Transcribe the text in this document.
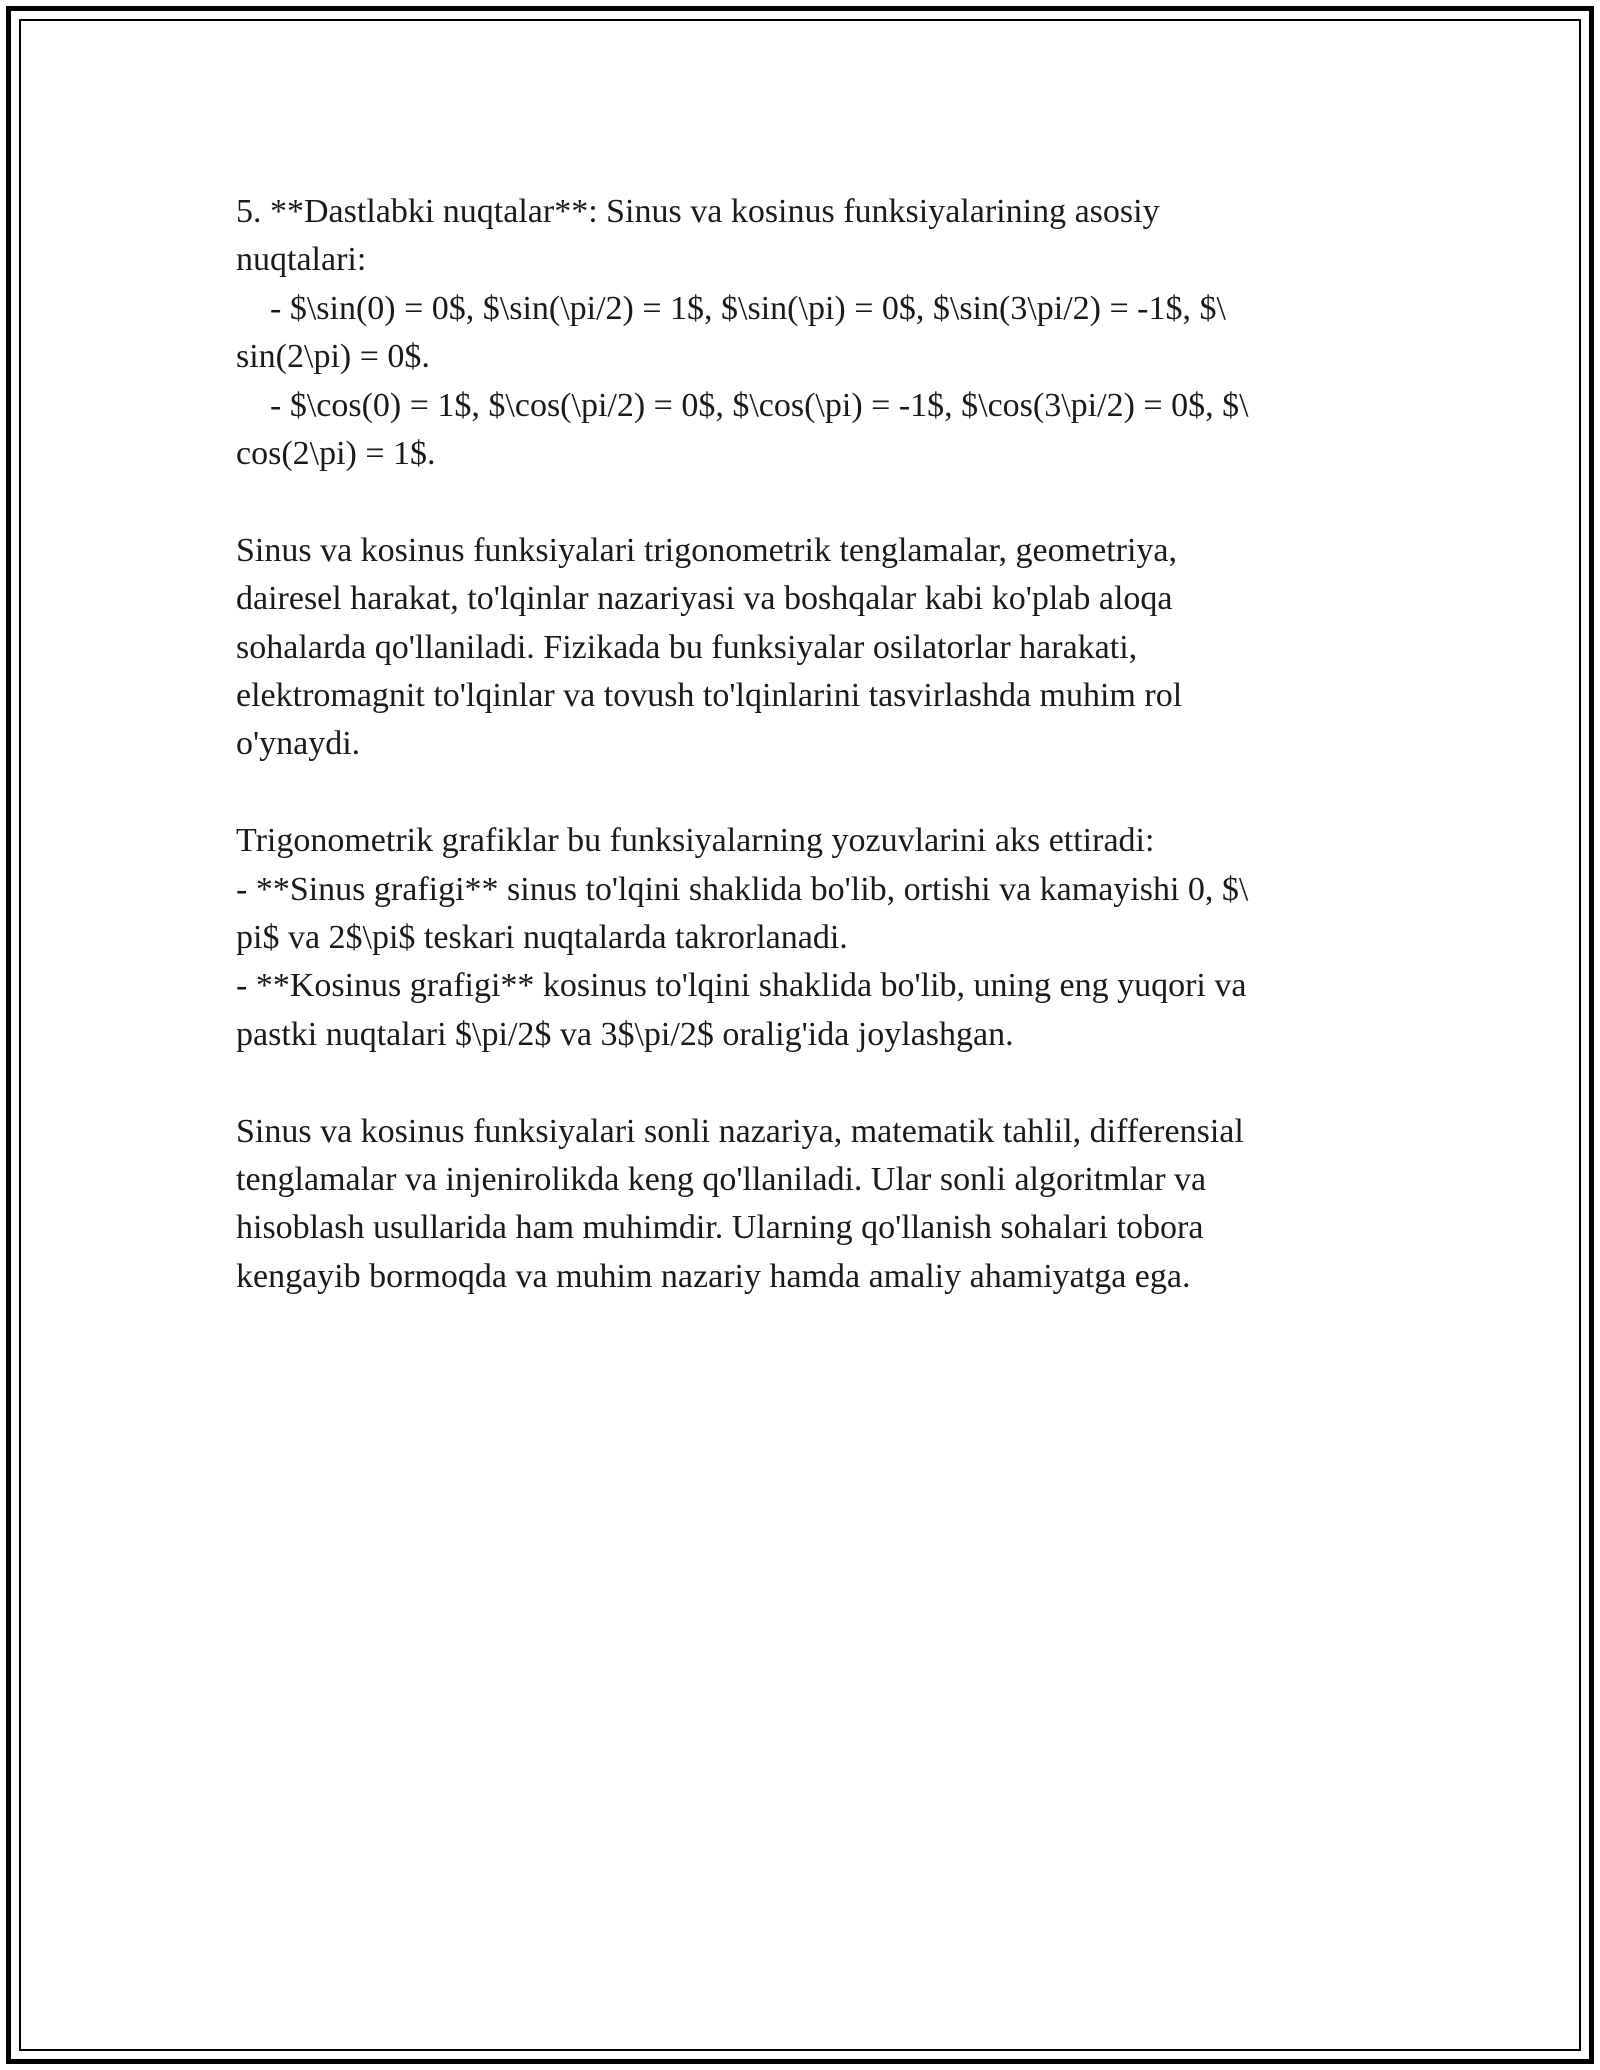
5. **Dastlabki nuqtalar**: Sinus va kosinus funksiyalarining asosiy
nuqtalari:
- $\sin(0) = 0$, $\sin(\pi/2) = 1$, $\sin(\pi) = 0$, $\sin(3\pi/2) = -1$, $\
sin(2\pi) = 0$.
- $\cos(0) = 1$, $\cos(\pi/2) = 0$, $\cos(\pi) = -1$, $\cos(3\pi/2) = 0$, $\
cos(2\pi) = 1$.
Sinus va kosinus funksiyalari trigonometrik tenglamalar, geometriya,
dairesel harakat, to'lqinlar nazariyasi va boshqalar kabi ko'plab aloqa
sohalarda qo'llaniladi. Fizikada bu funksiyalar osilatorlar harakati,
elektromagnit to'lqinlar va tovush to'lqinlarini tasvirlashda muhim rol
o'ynaydi.
Trigonometrik grafiklar bu funksiyalarning yozuvlarini aks ettiradi:
- **Sinus grafigi** sinus to'lqini shaklida bo'lib, ortishi va kamayishi 0, $\
pi$ va 2$\pi$ teskari nuqtalarda takrorlanadi.
- **Kosinus grafigi** kosinus to'lqini shaklida bo'lib, uning eng yuqori va
pastki nuqtalari $\pi/2$ va 3$\pi/2$ oralig'ida joylashgan.
Sinus va kosinus funksiyalari sonli nazariya, matematik tahlil, differensial
tenglamalar va injenirolikda keng qo'llaniladi. Ular sonli algoritmlar va
hisoblash usullarida ham muhimdir. Ularning qo'llanish sohalari tobora
kengayib bormoqda va muhim nazariy hamda amaliy ahamiyatga ega.
